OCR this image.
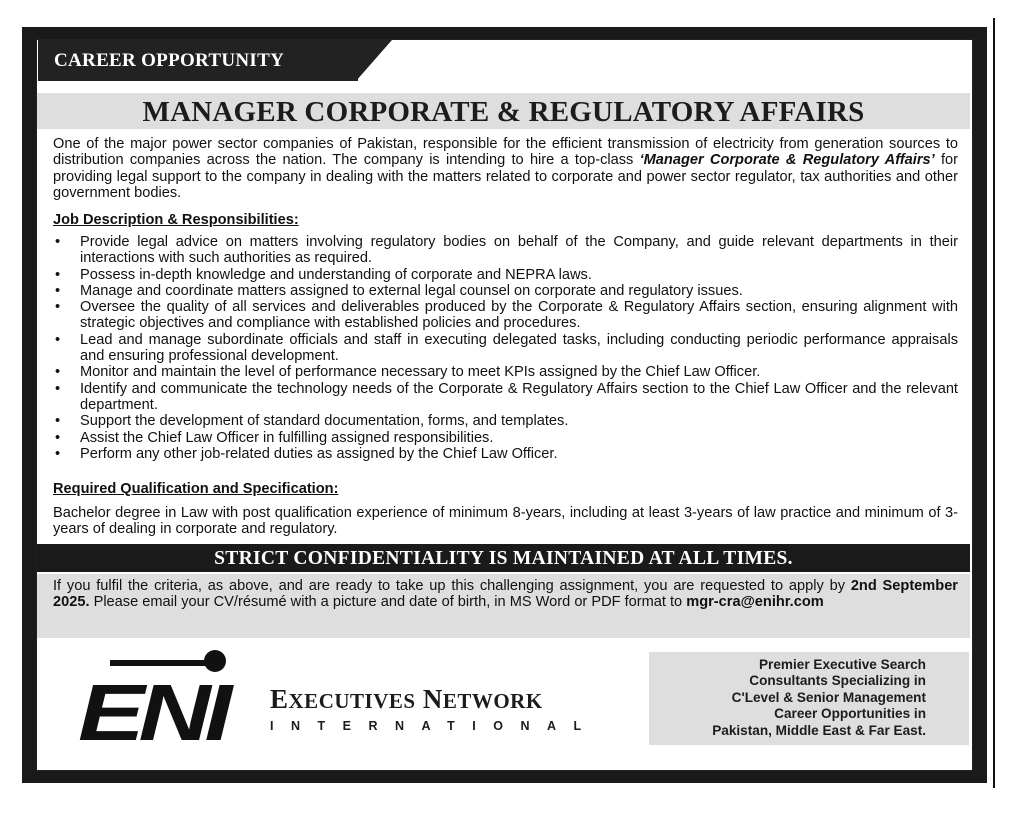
CAREER OPPORTUNITY
MANAGER CORPORATE & REGULATORY AFFAIRS
One of the major power sector companies of Pakistan, responsible for the efficient transmission of electricity from generation sources to distribution companies across the nation. The company is intending to hire a top-class ‘Manager Corporate & Regulatory Affairs’ for providing legal support to the company in dealing with the matters related to corporate and power sector regulator, tax authorities and other government bodies.
Job Description & Responsibilities:
• Provide legal advice on matters involving regulatory bodies on behalf of the Company, and guide relevant departments in their interactions with such authorities as required.
• Possess in-depth knowledge and understanding of corporate and NEPRA laws.
• Manage and coordinate matters assigned to external legal counsel on corporate and regulatory issues.
• Oversee the quality of all services and deliverables produced by the Corporate & Regulatory Affairs section, ensuring alignment with strategic objectives and compliance with established policies and procedures.
• Lead and manage subordinate officials and staff in executing delegated tasks, including conducting periodic performance appraisals and ensuring professional development.
• Monitor and maintain the level of performance necessary to meet KPIs assigned by the Chief Law Officer.
• Identify and communicate the technology needs of the Corporate & Regulatory Affairs section to the Chief Law Officer and the relevant department.
• Support the development of standard documentation, forms, and templates.
• Assist the Chief Law Officer in fulfilling assigned responsibilities.
• Perform any other job-related duties as assigned by the Chief Law Officer.
Required Qualification and Specification:
Bachelor degree in Law with post qualification experience of minimum 8-years, including at least 3-years of law practice and minimum of 3-years of dealing in corporate and regulatory.
STRICT CONFIDENTIALITY IS MAINTAINED AT ALL TIMES.
If you fulfil the criteria, as above, and are ready to take up this challenging assignment, you are requested to apply by 2nd September 2025. Please email your CV/résumé with a picture and date of birth, in MS Word or PDF format to mgr-cra@enihr.com
ENI EXECUTIVES NETWORK
INTERNATIONAL
Premier Executive Search
Consultants Specializing in
C'Level & Senior Management
Career Opportunities in
Pakistan, Middle East & Far East.
